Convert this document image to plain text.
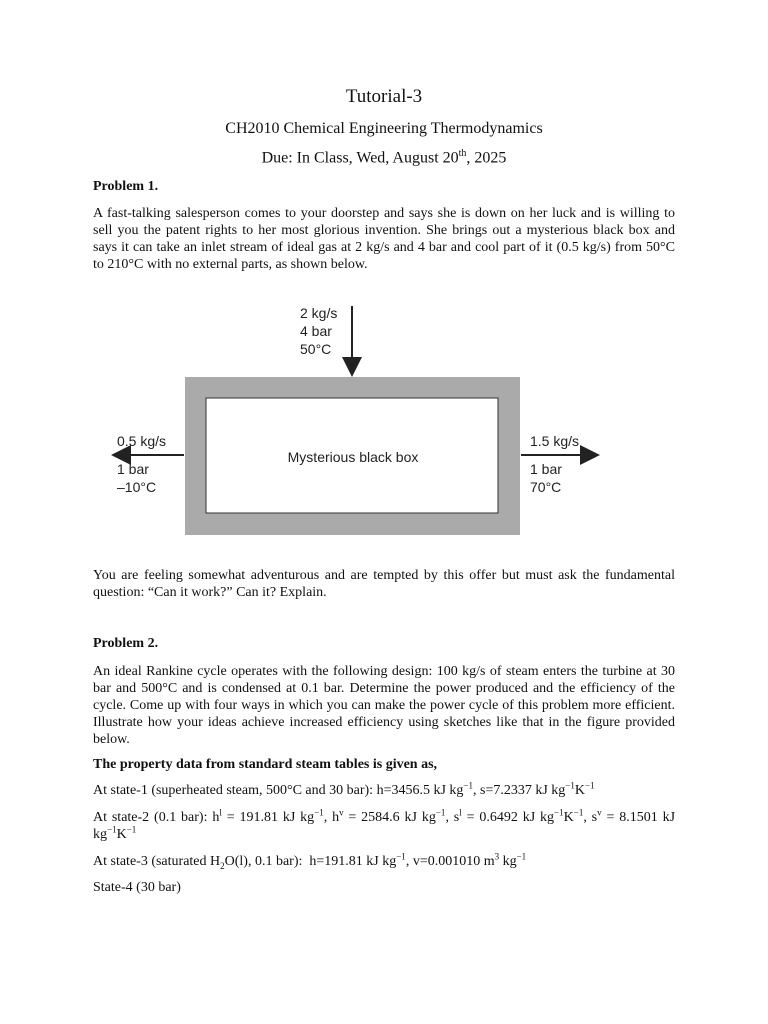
Tutorial-3
CH2010 Chemical Engineering Thermodynamics
Due: In Class, Wed, August 20th, 2025
Problem 1.
A fast-talking salesperson comes to your doorstep and says she is down on her luck and is willing to sell you the patent rights to her most glorious invention. She brings out a mysterious black box and says it can take an inlet stream of ideal gas at 2 kg/s and 4 bar and cool part of it (0.5 kg/s) from 50°C to 210°C with no external parts, as shown below.
Mysterious black box
2 kg/s
4 bar
50°C
0.5 kg/s
1 bar
–10°C
1.5 kg/s
1 bar
70°C
You are feeling somewhat adventurous and are tempted by this offer but must ask the fundamental question: “Can it work?” Can it? Explain.
Problem 2.
An ideal Rankine cycle operates with the following design: 100 kg/s of steam enters the turbine at 30 bar and 500°C and is condensed at 0.1 bar. Determine the power produced and the efficiency of the cycle. Come up with four ways in which you can make the power cycle of this problem more efficient. Illustrate how your ideas achieve increased efficiency using sketches like that in the figure provided below.
The property data from standard steam tables is given as,
At state-1 (superheated steam, 500°C and 30 bar): h=3456.5 kJ $kg^{-1}$, s=7.2337 kJ $kg^{-1}K^{-1}$
At state-2 (0.1 bar): $h^l = 191.81$ kJ $kg^{-1}$, $h^v = 2584.6$ kJ $kg^{-1}$, $s^l = 0.6492$ kJ $kg^{-1}K^{-1}$, $s^v = 8.1501$ kJ $kg^{-1}K^{-1}$
At state-3 (saturated $H_2O(l)$, 0.1 bar):  h=191.81 kJ $kg^{-1}$, v=0.001010 $m^3$ $kg^{-1}$
State-4 (30 bar)
